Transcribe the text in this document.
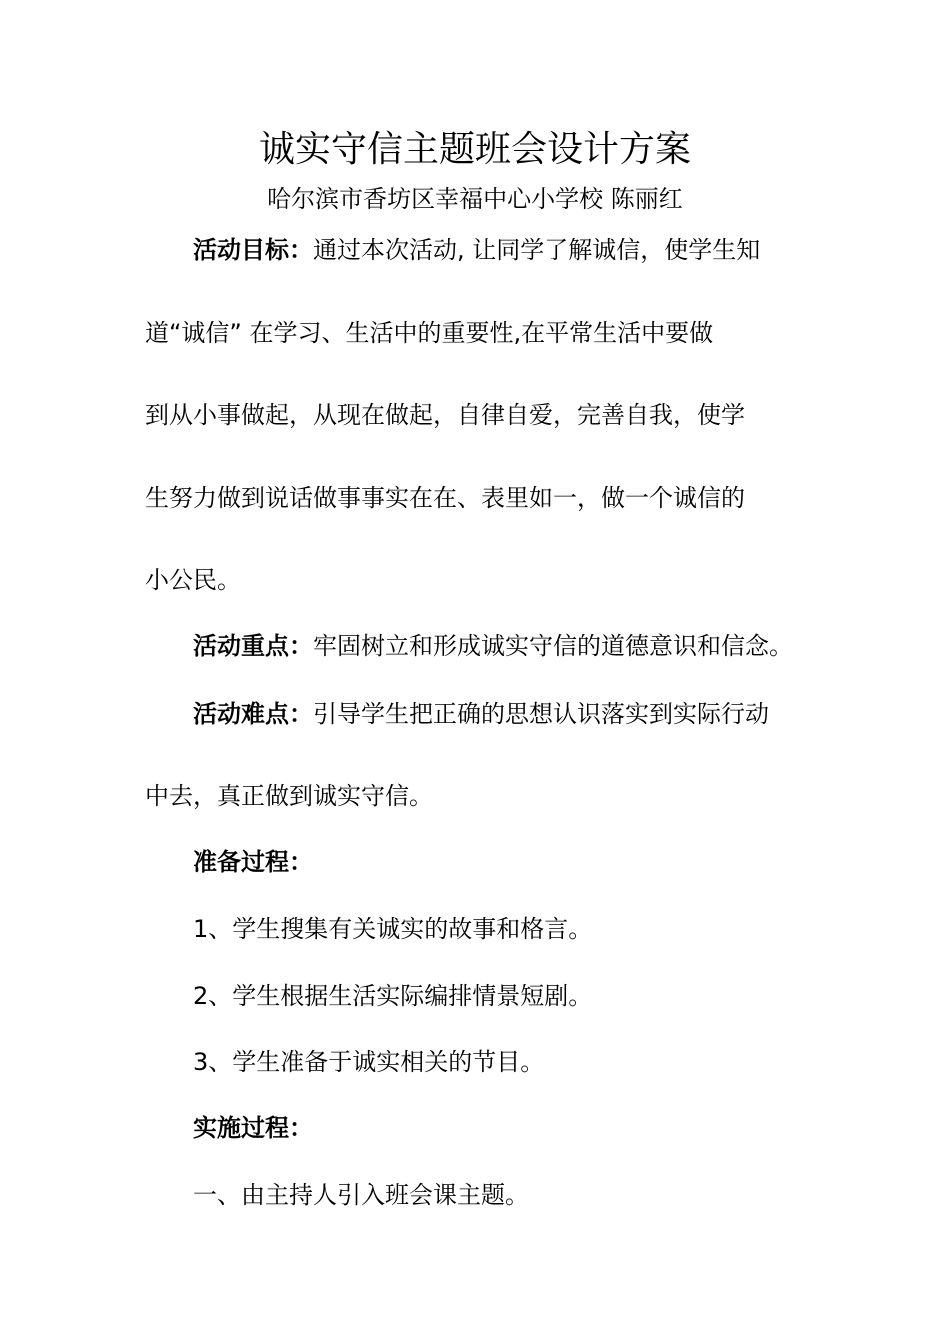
诚实守信主题班会设计方案
哈尔滨市香坊区幸福中心小学校 陈丽红
活动目标：通过本次活动, 让同学了解诚信，使学生知
道“诚信” 在学习、生活中的重要性,在平常生活中要做
到从小事做起，从现在做起，自律自爱，完善自我，使学
生努力做到说话做事事实在在、表里如一，做一个诚信的
小公民。
活动重点：牢固树立和形成诚实守信的道德意识和信念。
活动难点：引导学生把正确的思想认识落实到实际行动
中去，真正做到诚实守信。
准备过程：
1、学生搜集有关诚实的故事和格言。
2、学生根据生活实际编排情景短剧。
3、学生准备于诚实相关的节目。
实施过程：
一、由主持人引入班会课主题。
